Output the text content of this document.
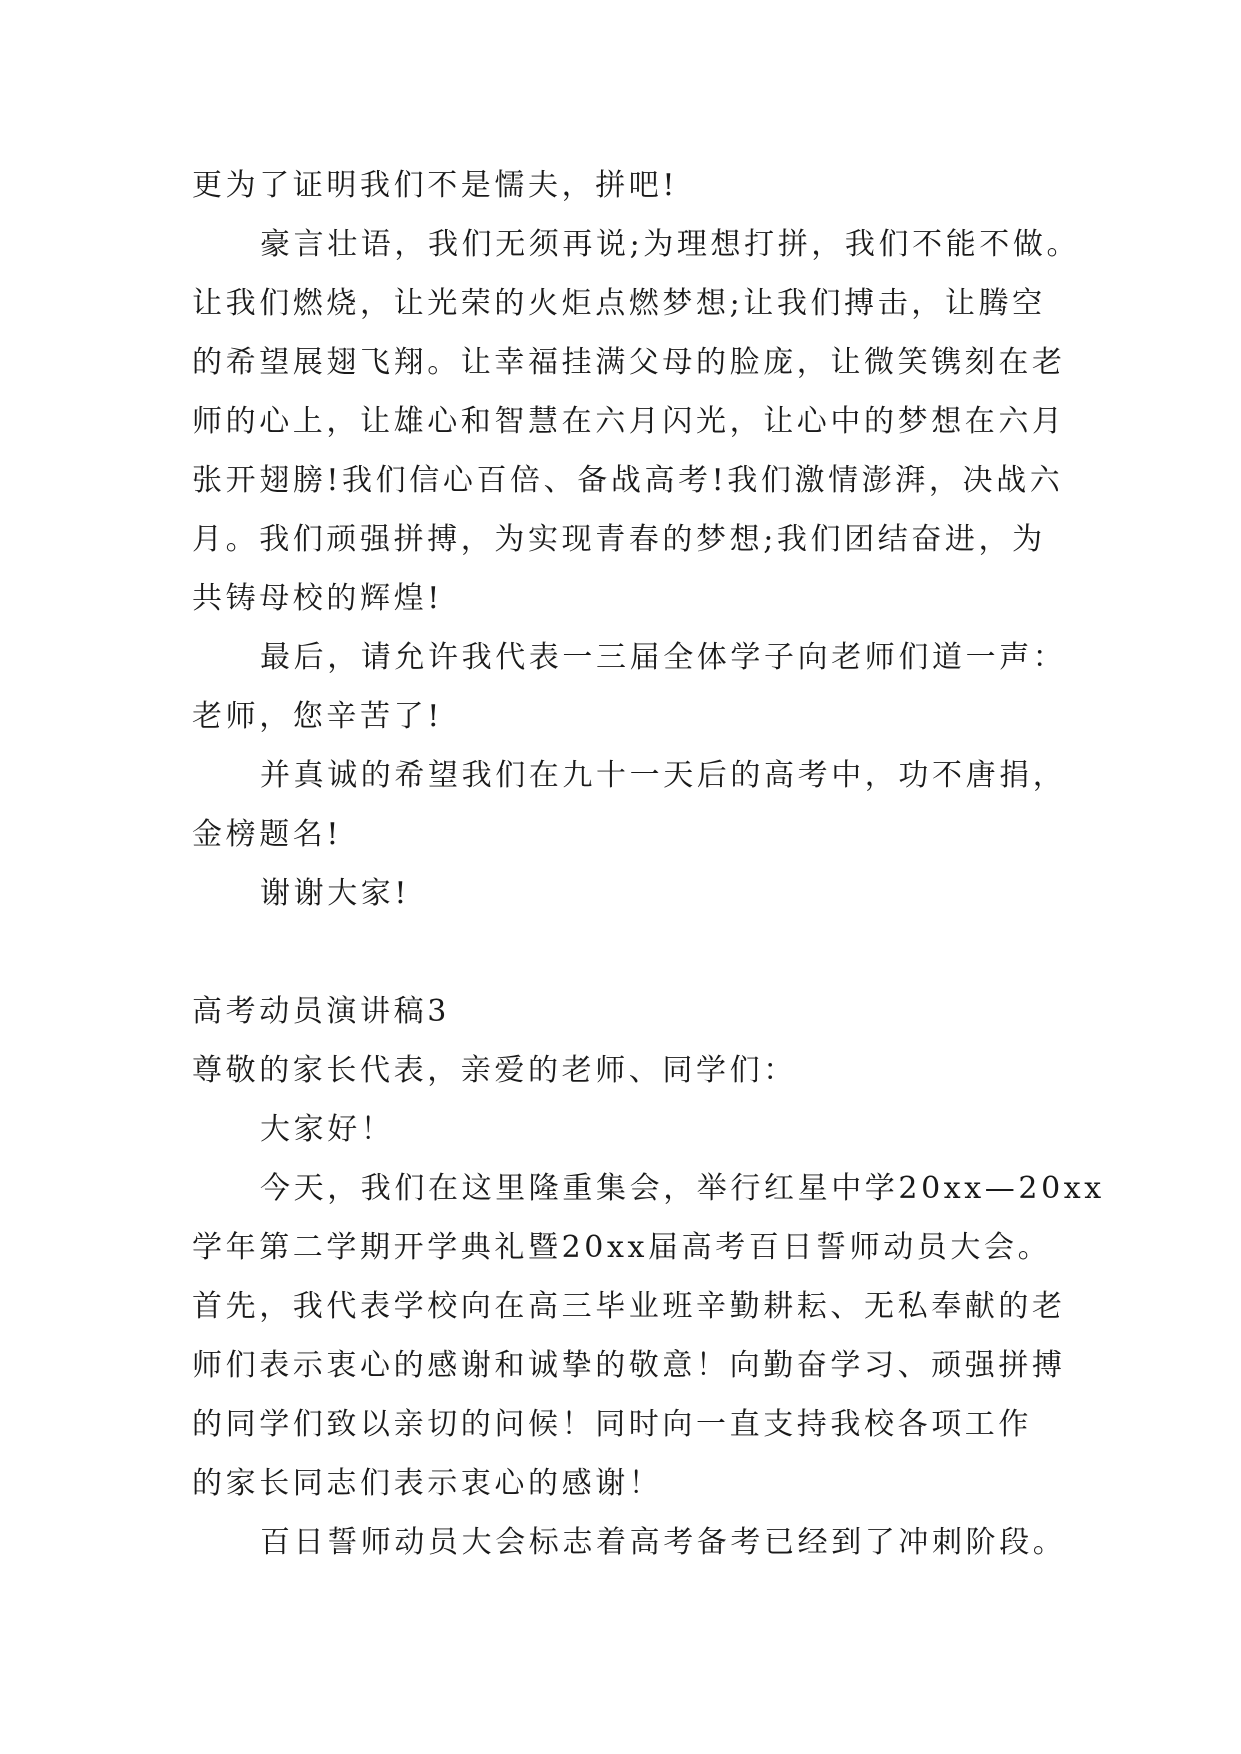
更为了证明我们不是懦夫，拼吧!
豪言壮语，我们无须再说;为理想打拼，我们不能不做。
让我们燃烧，让光荣的火炬点燃梦想;让我们搏击，让腾空
的希望展翅飞翔。让幸福挂满父母的脸庞，让微笑镌刻在老
师的心上，让雄心和智慧在六月闪光，让心中的梦想在六月
张开翅膀!我们信心百倍、备战高考!我们激情澎湃，决战六
月。我们顽强拼搏，为实现青春的梦想;我们团结奋进，为
共铸母校的辉煌!
最后，请允许我代表一三届全体学子向老师们道一声：
老师，您辛苦了!
并真诚的希望我们在九十一天后的高考中，功不唐捐，
金榜题名!
谢谢大家!
高考动员演讲稿3
尊敬的家长代表，亲爱的老师、同学们：
大家好！
今天，我们在这里隆重集会，举行红星中学20xx—20xx
学年第二学期开学典礼暨20xx届高考百日誓师动员大会。
首先，我代表学校向在高三毕业班辛勤耕耘、无私奉献的老
师们表示衷心的感谢和诚挚的敬意！向勤奋学习、顽强拼搏
的同学们致以亲切的问候！同时向一直支持我校各项工作
的家长同志们表示衷心的感谢！
百日誓师动员大会标志着高考备考已经到了冲刺阶段。
